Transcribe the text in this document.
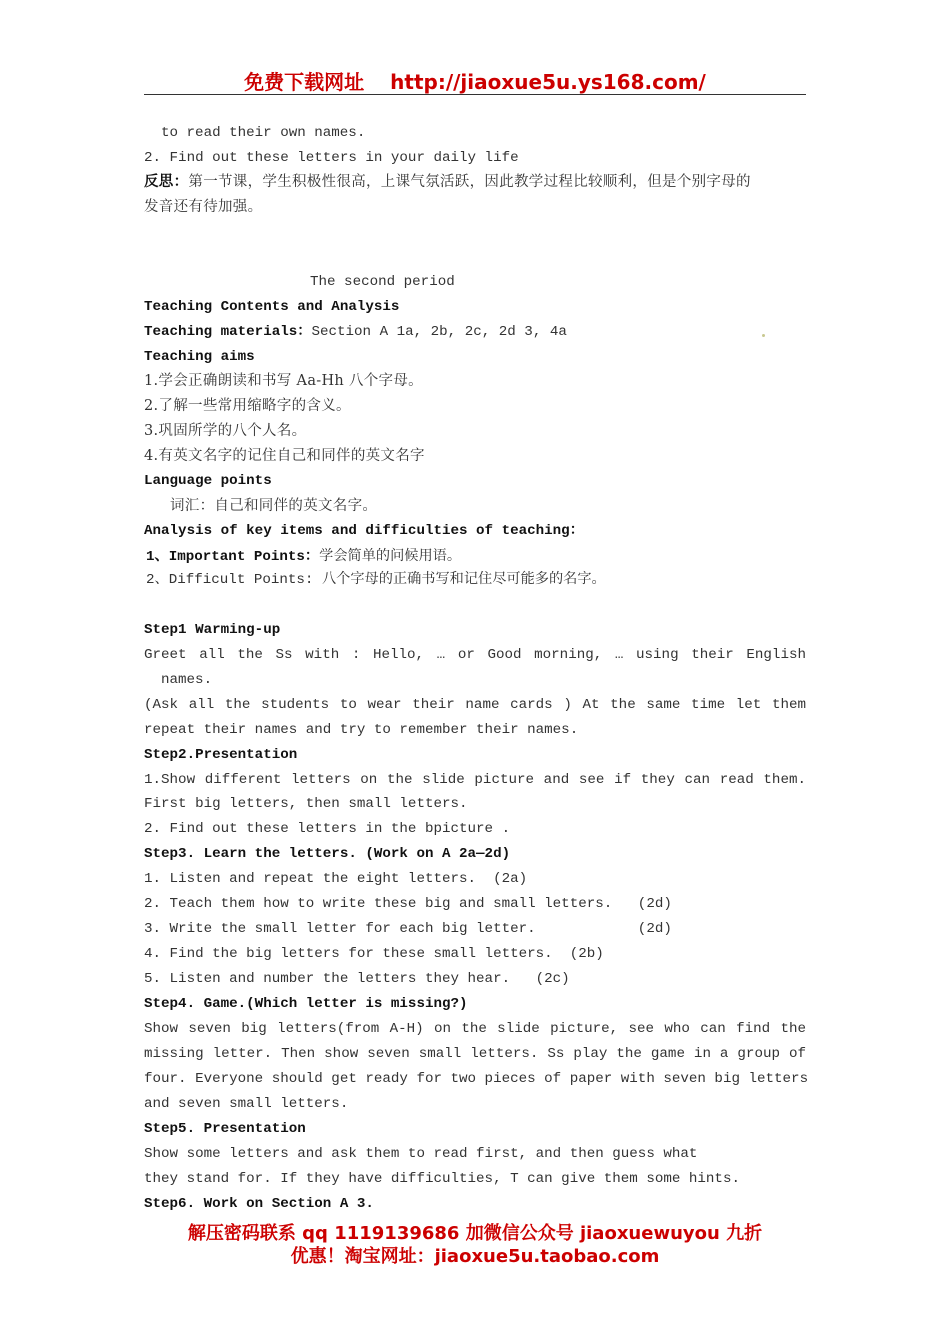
免费下载网址 http://jiaoxue5u.ys168.com/
to read their own names.
2. Find out these letters in your daily life
反思：第一节课，学生积极性很高，上课气氛活跃，因此教学过程比较顺利，但是个别字母的
发音还有待加强。
The second period
Teaching Contents and Analysis
Teaching materials：Section A 1a, 2b, 2c, 2d 3, 4a
Teaching aims
1.学会正确朗读和书写 Aa-Hh 八个字母。
2.了解一些常用缩略字的含义。
3.巩固所学的八个人名。
4.有英文名字的记住自己和同伴的英文名字
Language points
词汇：自己和同伴的英文名字。
Analysis of key items and difficulties of teaching：
1、Important Points：学会简单的问候用语。
2、Difficult Points: 八个字母的正确书写和记住尽可能多的名字。
Step1 Warming-up
Greet all the Ss with : Hello, … or Good morning, … using their English
names.
(Ask all the students to wear their name cards ) At the same time let them
repeat their names and try to remember their names.
Step2.Presentation
1.Show different letters on the slide picture and see if they can read them.
First big letters, then small letters.
2. Find out these letters in the bpicture .
Step3. Learn the letters. (Work on A 2a—2d)
1. Listen and repeat the eight letters.  (2a)
2. Teach them how to write these big and small letters.   (2d)
3. Write the small letter for each big letter.            (2d)
4. Find the big letters for these small letters.  (2b)
5. Listen and number the letters they hear.   (2c)
Step4. Game.(Which letter is missing?)
Show seven big letters(from A-H) on the slide picture, see who can find the
missing letter. Then show seven small letters. Ss play the game in a group of
four. Everyone should get ready for two pieces of paper with seven big letters
and seven small letters.
Step5. Presentation
Show some letters and ask them to read first, and then guess what
they stand for. If they have difficulties, T can give them some hints.
Step6. Work on Section A 3.
解压密码联系 qq 1119139686 加微信公众号 jiaoxuewuyou 九折
优惠！淘宝网址：jiaoxue5u.taobao.com
